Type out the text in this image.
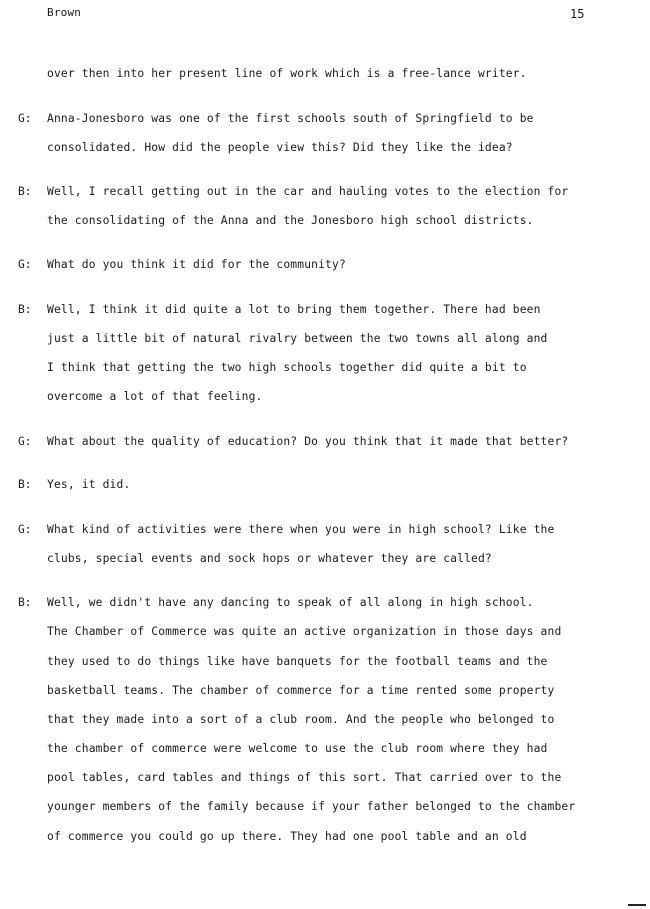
Brown	15
over then into her present line of work which is a free-lance writer.
G: Anna-Jonesboro was one of the first schools south of Springfield to be
consolidated. How did the people view this? Did they like the idea?
B: Well, I recall getting out in the car and hauling votes to the election for
the consolidating of the Anna and the Jonesboro high school districts.
G: What do you think it did for the community?
B: Well, I think it did quite a lot to bring them together. There had been
just a little bit of natural rivalry between the two towns all along and
I think that getting the two high schools together did quite a bit to
overcome a lot of that feeling.
G: What about the quality of education? Do you think that it made that better?
B: Yes, it did.
G: What kind of activities were there when you were in high school? Like the
clubs, special events and sock hops or whatever they are called?
B: Well, we didn't have any dancing to speak of all along in high school.
The Chamber of Commerce was quite an active organization in those days and
they used to do things like have banquets for the football teams and the
basketball teams. The chamber of commerce for a time rented some property
that they made into a sort of a club room. And the people who belonged to
the chamber of commerce were welcome to use the club room where they had
pool tables, card tables and things of this sort. That carried over to the
younger members of the family because if your father belonged to the chamber
of commerce you could go up there. They had one pool table and an old
